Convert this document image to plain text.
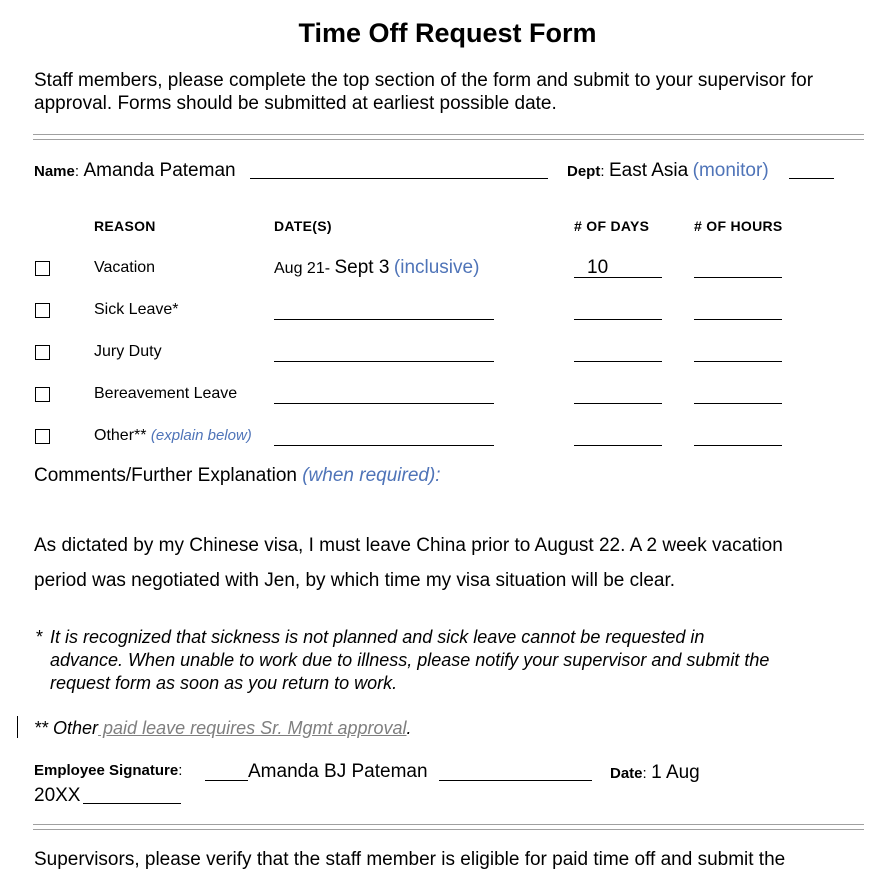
Time Off Request Form
Staff members, please complete the top section of the form and submit to your supervisor for
approval. Forms should be submitted at earliest possible date.
Name: Amanda Pateman	Dept: East Asia (monitor)
REASON	DATE(S)	# OF DAYS	# OF HOURS
Vacation	Aug 21- Sept 3 (inclusive)	10
Sick Leave*
Jury Duty
Bereavement Leave
Other** (explain below)
Comments/Further Explanation (when required):
As dictated by my Chinese visa, I must leave China prior to August 22. A 2 week vacation
period was negotiated with Jen, by which time my visa situation will be clear.
* It is recognized that sickness is not planned and sick leave cannot be requested in
advance. When unable to work due to illness, please notify your supervisor and submit the
request form as soon as you return to work.
** Other paid leave requires Sr. Mgmt approval.
Employee Signature:	Amanda BJ Pateman	Date: 1 Aug
20XX
Supervisors, please verify that the staff member is eligible for paid time off and submit the
